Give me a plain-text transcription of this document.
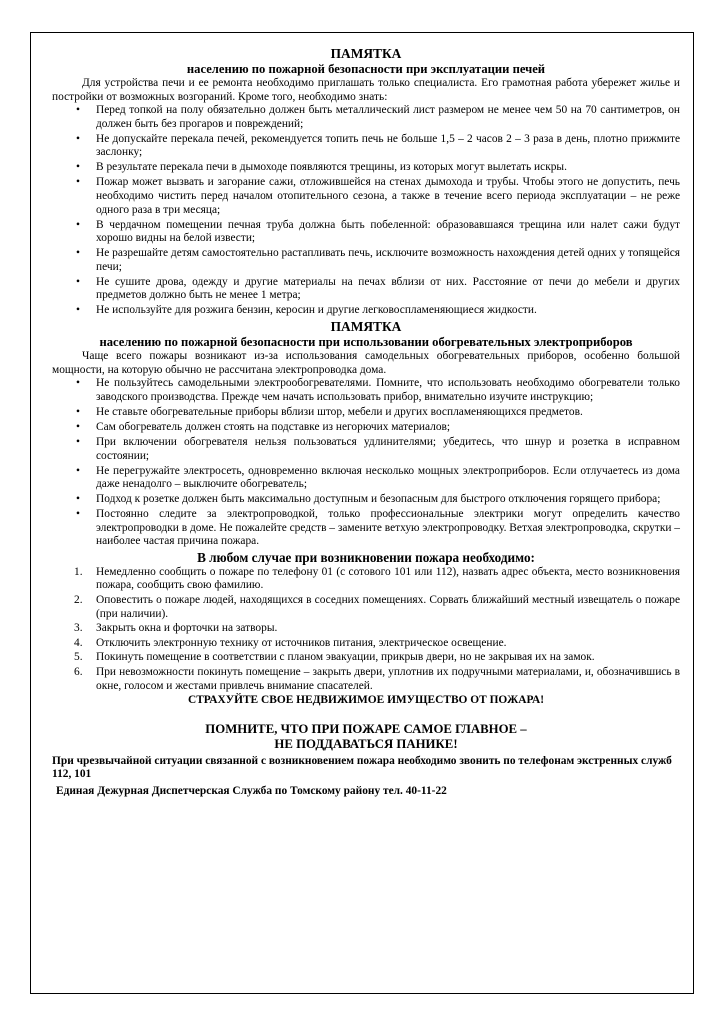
ПАМЯТКА
населению по пожарной безопасности при эксплуатации печей

Для устройства печи и ее ремонта необходимо приглашать только специалиста. Его грамотная работа убережет жилье и постройки от возможных возгораний. Кроме того, необходимо знать:

• Перед топкой на полу обязательно должен быть металлический лист размером не менее чем 50 на 70 сантиметров, он должен быть без прогаров и повреждений;
• Не допускайте перекала печей, рекомендуется топить печь не больше 1,5 – 2 часов 2 – 3 раза в день, плотно прижмите заслонку;
• В результате перекала печи в дымоходе появляются трещины, из которых могут вылетать искры.
• Пожар может вызвать и загорание сажи, отложившейся на стенах дымохода и трубы. Чтобы этого не допустить, печь необходимо чистить перед началом отопительного сезона, а также в течение всего периода эксплуатации – не реже одного раза в три месяца;
• В чердачном помещении печная труба должна быть побеленной: образовавшаяся трещина или налет сажи будут хорошо видны на белой извести;
• Не разрешайте детям самостоятельно растапливать печь, исключите возможность нахождения детей одних у топящейся печи;
• Не сушите дрова, одежду и другие материалы на печах вблизи от них. Расстояние от печи до мебели и других предметов должно быть не менее 1 метра;
• Не используйте для розжига бензин, керосин и другие легковоспламеняющиеся жидкости.
ПАМЯТКА
населению по пожарной безопасности при использовании обогревательных электроприборов

Чаще всего пожары возникают из-за использования самодельных обогревательных приборов, особенно большой мощности, на которую обычно не рассчитана электропроводка дома.

• Не пользуйтесь самодельными электрообогревателями. Помните, что использовать необходимо обогреватели только заводского производства. Прежде чем начать использовать прибор, внимательно изучите инструкцию;
• Не ставьте обогревательные приборы вблизи штор, мебели и других воспламеняющихся предметов.
• Сам обогреватель должен стоять на подставке из негорючих материалов;
• При включении обогревателя нельзя пользоваться удлинителями; убедитесь, что шнур и розетка в исправном состоянии;
• Не перегружайте электросеть, одновременно включая несколько мощных электроприборов. Если отлучаетесь из дома даже ненадолго – выключите обогреватель;
• Подход к розетке должен быть максимально доступным и безопасным для быстрого отключения горящего прибора;
• Постоянно следите за электропроводкой, только профессиональные электрики могут определить качество электропроводки в доме. Не пожалейте средств – замените ветхую электропроводку. Ветхая электропроводка, скрутки – наиболее частая причина пожара.
В любом случае при возникновении пожара необходимо:
1. Немедленно сообщить о пожаре по телефону 01 (с сотового 101 или 112), назвать адрес объекта, место возникновения пожара, сообщить свою фамилию.
2. Оповестить о пожаре людей, находящихся в соседних помещениях. Сорвать ближайший местный извещатель о пожаре (при наличии).
3. Закрыть окна и форточки на затворы.
4. Отключить электронную технику от источников питания, электрическое освещение.
5. Покинуть помещение в соответствии с планом эвакуации, прикрыв двери, но не закрывая их на замок.
6. При невозможности покинуть помещение – закрыть двери, уплотнив их подручными материалами, и, обозначившись в окне, голосом и жестами привлечь внимание спасателей.
СТРАХУЙТЕ СВОЕ НЕДВИЖИМОЕ ИМУЩЕСТВО ОТ ПОЖАРА!
ПОМНИТЕ, ЧТО ПРИ ПОЖАРЕ САМОЕ ГЛАВНОЕ –
НЕ ПОДДАВАТЬСЯ ПАНИКЕ!
При чрезвычайной ситуации связанной с возникновением пожара необходимо звонить по телефонам экстренных служб 112, 101
Единая Дежурная Диспетчерская Служба по Томскому району тел. 40-11-22
